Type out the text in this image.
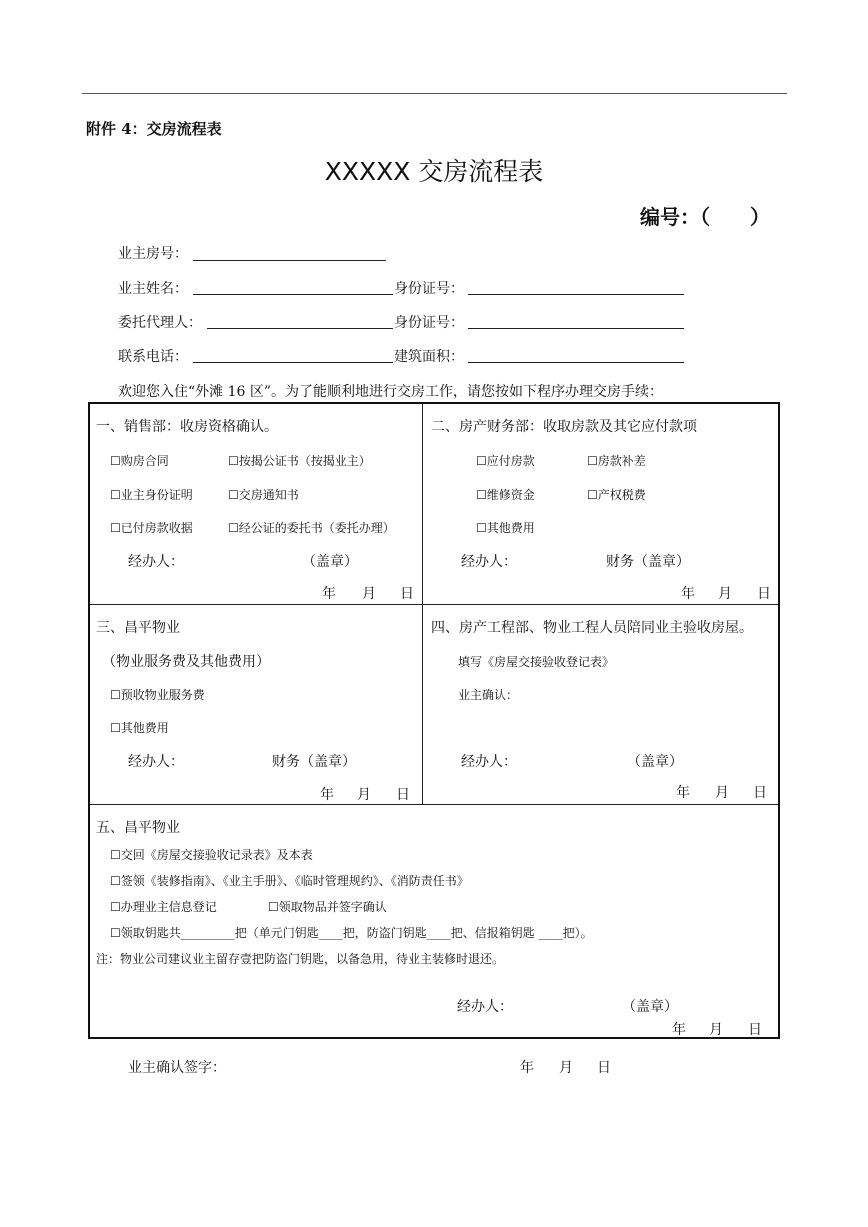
附件 4：交房流程表
XXXXX 交房流程表
编号：（　　）
业主房号：
业主姓名：	身份证号：
委托代理人：	身份证号：
联系电话：	建筑面积：
欢迎您入住“外滩 16 区”。为了能顺利地进行交房工作，请您按如下程序办理交房手续：
一、销售部：收房资格确认。
☐ 购房合同 ☐	按揭公证书（按揭业主）
☐ 业主身份证明 ☐	交房通知书
☐ 已付房款收据 ☐	经公证的委托书（委托办理）
经办人：	（盖章）
年 月 日
二、房产财务部：收取房款及其它应付款项
☐ 应付房款 ☐	房款补差
☐ 维修资金 ☐	产权税费
☐ 其他费用
经办人：	财务（盖章）
年 月 日
三、昌平物业
（物业服务费及其他费用）
☐ 预收物业服务费
☐ 其他费用
经办人：	财务（盖章）
年 月 日
四、房产工程部、物业工程人员陪同业主验收房屋。
填写《房屋交接验收登记表》
业主确认：
经办人：	（盖章）
年 月 日
五、昌平物业
☐ 交回《房屋交接验收记录表》及本表
☐ 签领《装修指南》、《业主手册》、《临时管理规约》、《消防责任书》
☐ 办理业主信息登记 ☐	领取物品并签字确认
☐ 领取钥匙共_________把（单元门钥匙____把，防盗门钥匙____把、信报箱钥匙 ____把）。
注：物业公司建议业主留存壹把防盗门钥匙，以备急用，待业主装修时退还。
经办人：	（盖章）
年 月 日
业主确认签字：	年 月 日
